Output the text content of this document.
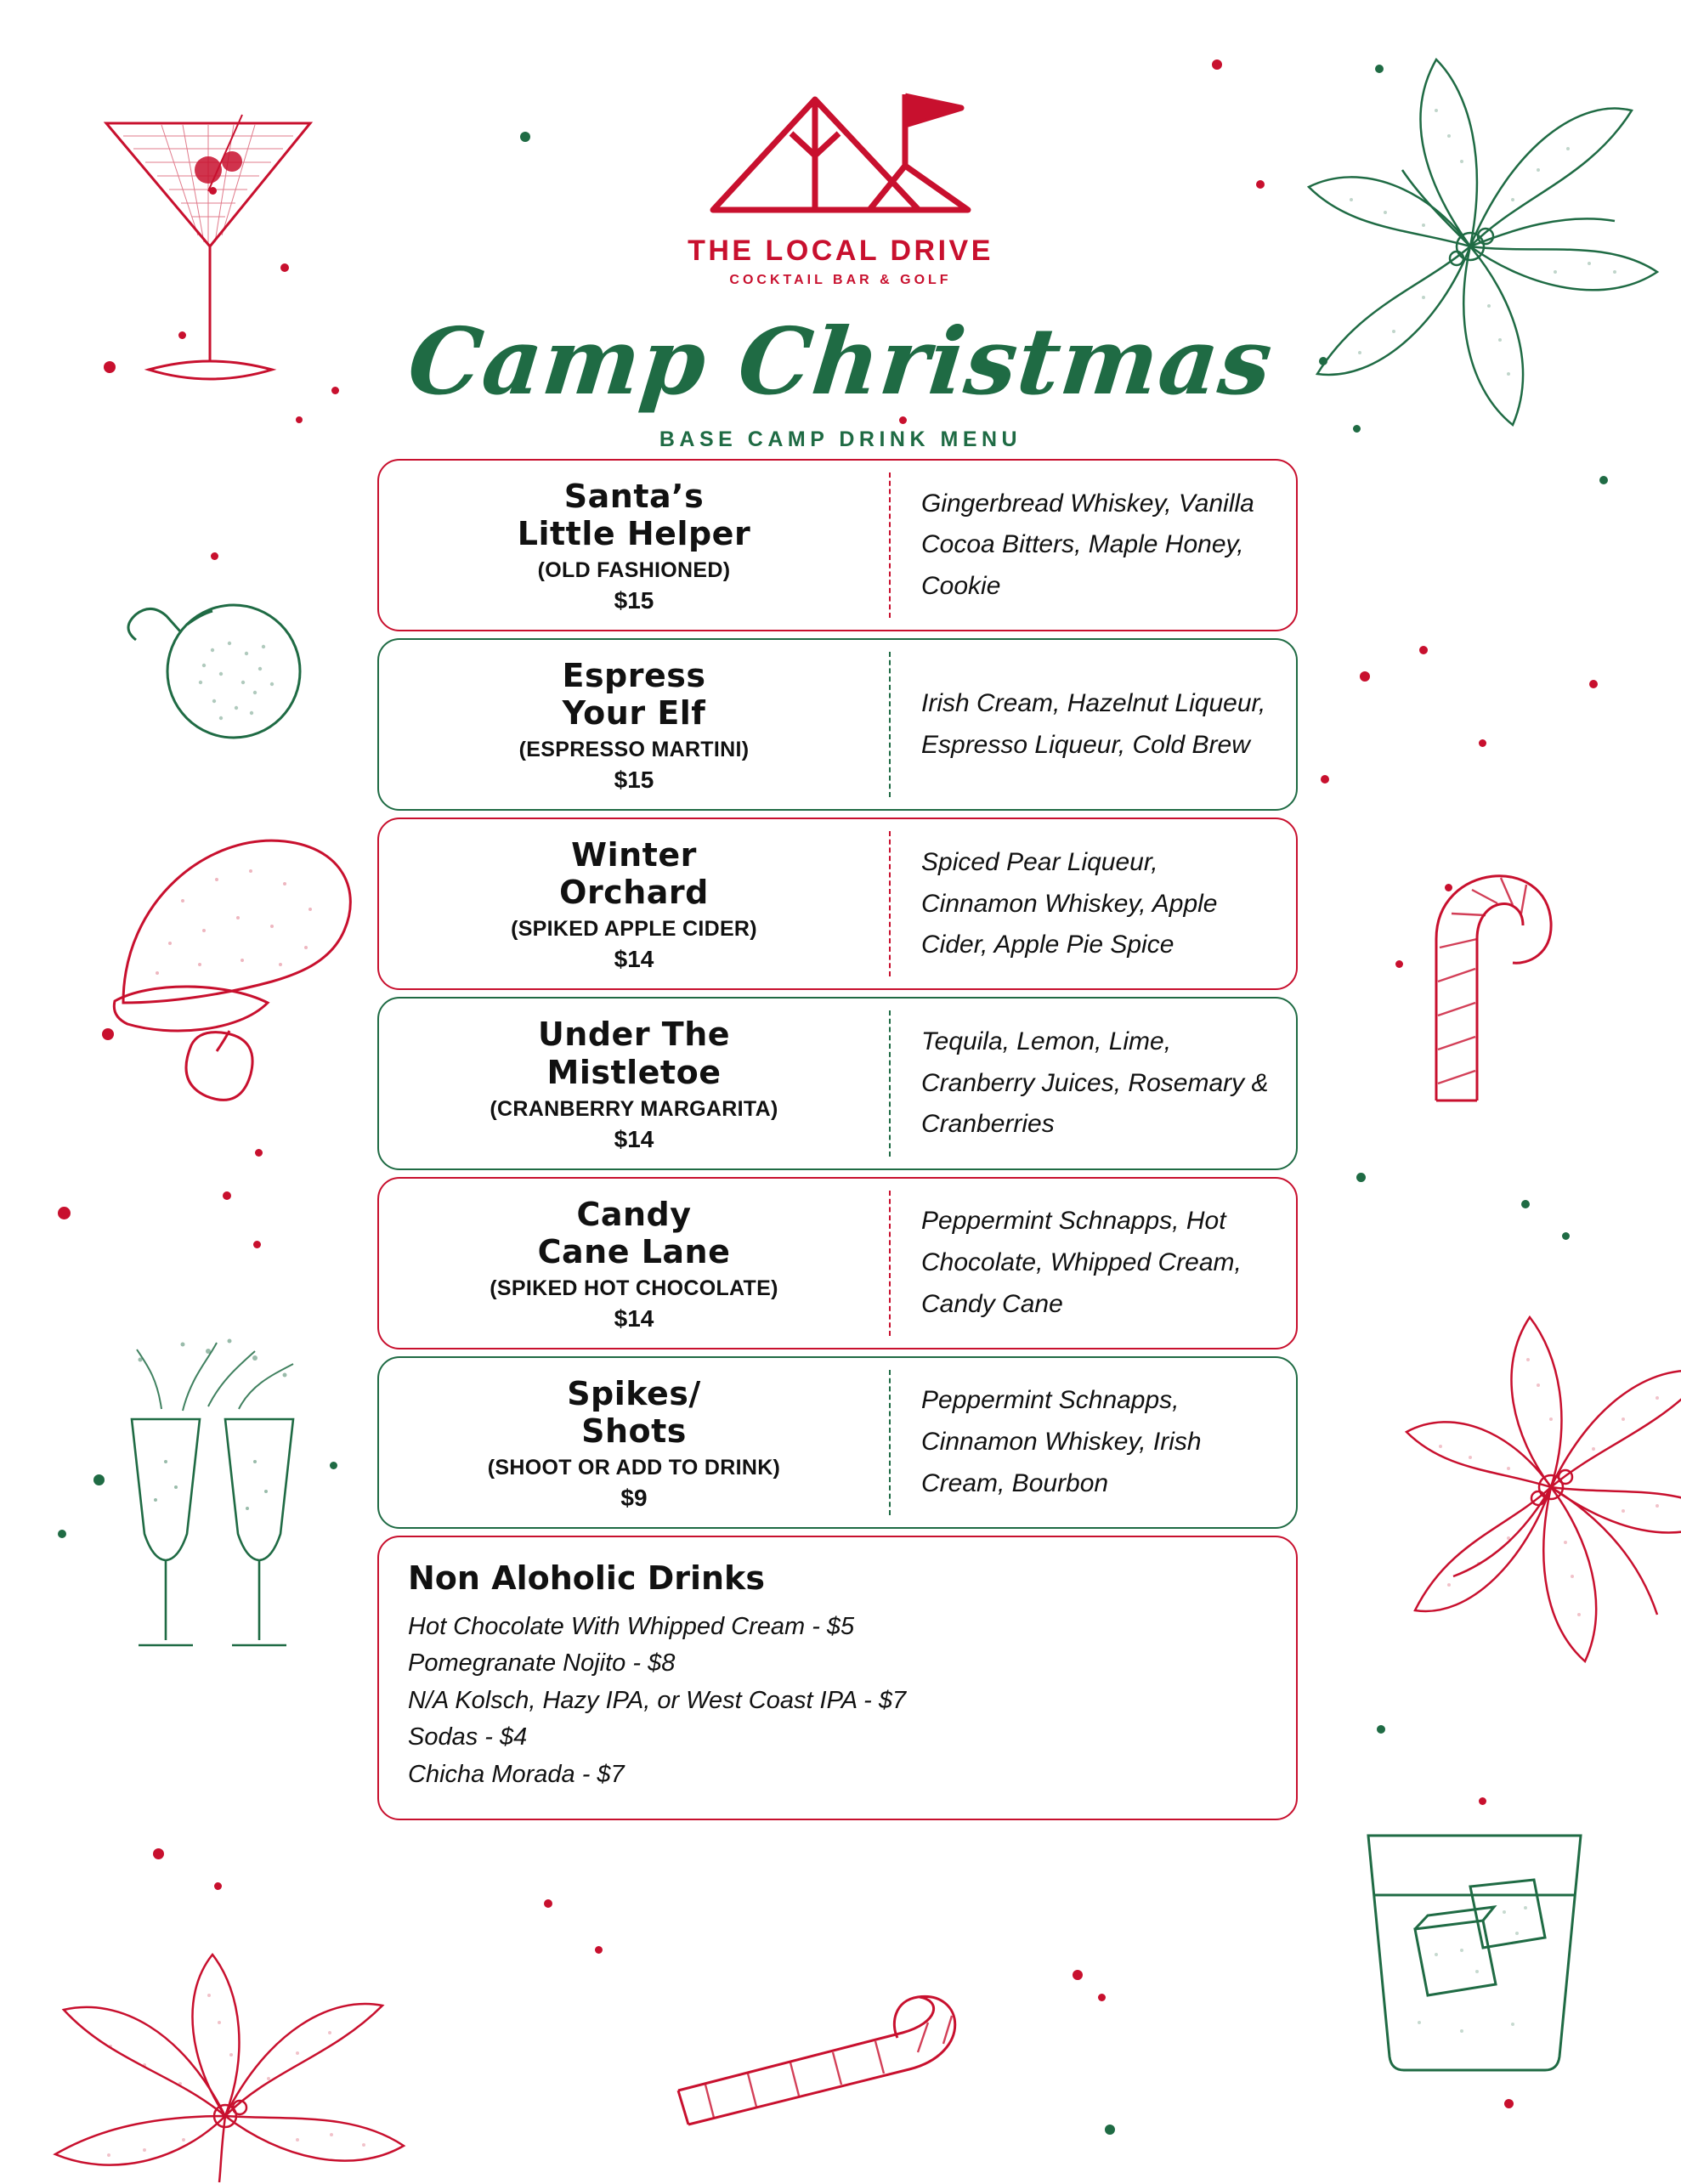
THE LOCAL DRIVE
COCKTAIL BAR & GOLF
Camp Christmas
BASE CAMP DRINK MENU
Santa’s
Little Helper
(OLD FASHIONED)
$15
Gingerbread Whiskey, Vanilla Cocoa Bitters, Maple Honey, Cookie
Espress
Your Elf
(ESPRESSO MARTINI)
$15
Irish Cream, Hazelnut Liqueur, Espresso Liqueur, Cold Brew
Winter
Orchard
(SPIKED APPLE CIDER)
$14
Spiced Pear Liqueur, Cinnamon Whiskey, Apple Cider, Apple Pie Spice
Under The
Mistletoe
(CRANBERRY MARGARITA)
$14
Tequila, Lemon, Lime, Cranberry Juices, Rosemary & Cranberries
Candy
Cane Lane
(SPIKED HOT CHOCOLATE)
$14
Peppermint Schnapps, Hot Chocolate, Whipped Cream, Candy Cane
Spikes/
Shots
(SHOOT OR ADD TO DRINK)
$9
Peppermint Schnapps, Cinnamon Whiskey, Irish Cream, Bourbon
Non Aloholic Drinks
Hot Chocolate With Whipped Cream - $5
Pomegranate Nojito - $8
N/A Kolsch, Hazy IPA, or West Coast IPA - $7
Sodas - $4
Chicha Morada - $7
